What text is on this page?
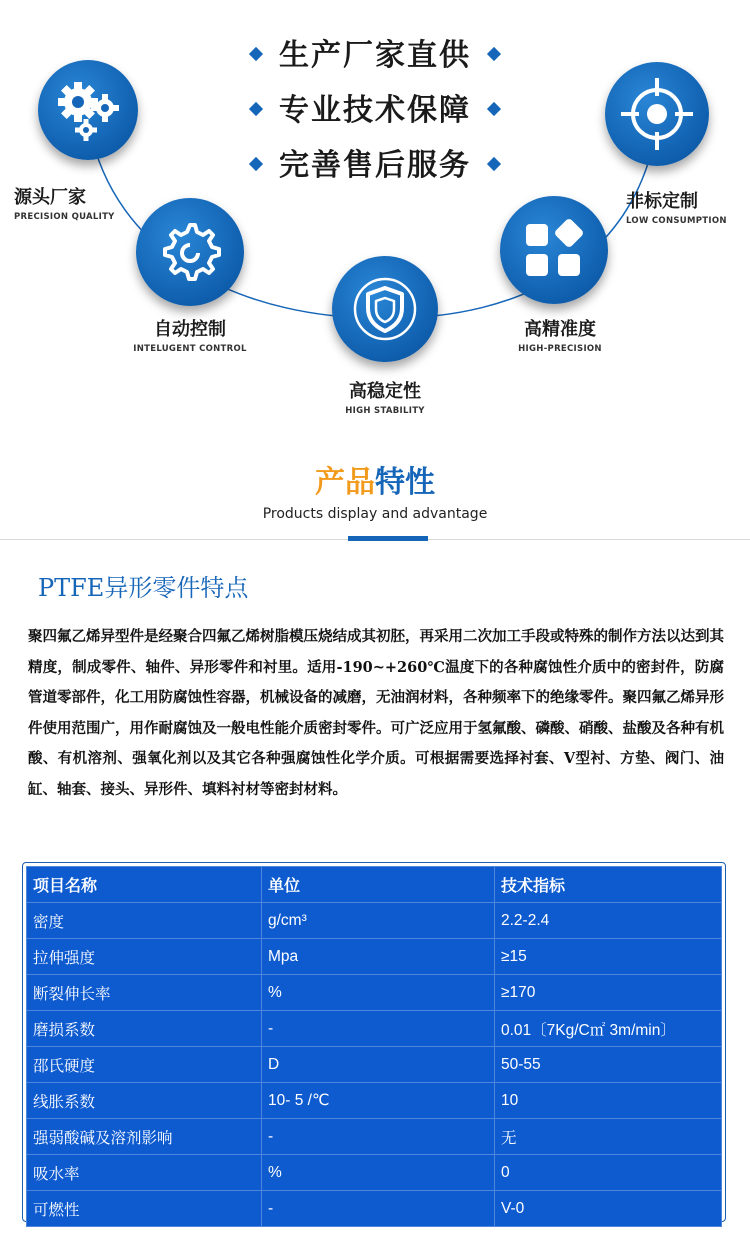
生产厂家直供
专业技术保障
完善售后服务
源头厂家
PRECISION QUALITY
自动控制
INTELUGENT CONTROL
高稳定性
HIGH STABILITY
高精准度
HIGH-PRECISION
非标定制
LOW CONSUMPTION
产品特性
Products display and advantage
PTFE异形零件特点
聚四氟乙烯异型件是经聚合四氟乙烯树脂模压烧结成其初胚，再采用二次加工手段或特殊的制作方法以达到其精度，制成零件、轴件、异形零件和衬里。适用-190~+260℃温度下的各种腐蚀性介质中的密封件，防腐管道零部件，化工用防腐蚀性容器，机械设备的减磨，无油润材料，各种频率下的绝缘零件。聚四氟乙烯异形件使用范围广，用作耐腐蚀及一般电性能介质密封零件。可广泛应用于氢氟酸、磷酸、硝酸、盐酸及各种有机酸、有机溶剂、强氧化剂以及其它各种强腐蚀性化学介质。可根据需要选择衬套、V型衬、方垫、阀门、油缸、轴套、接头、异形件、填料衬材等密封材料。
项目名称	单位	技术指标
密度	g/cm³	2.2-2.4
拉伸强度	Mpa	≥15
断裂伸长率	%	≥170
磨损系数	-	0.01〔7Kg/C㎡ 3m/min〕
邵氏硬度	D	50-55
线胀系数	10- 5 /℃	10
强弱酸碱及溶剂影响	-	无
吸水率	%	0
可燃性	-	V-0
